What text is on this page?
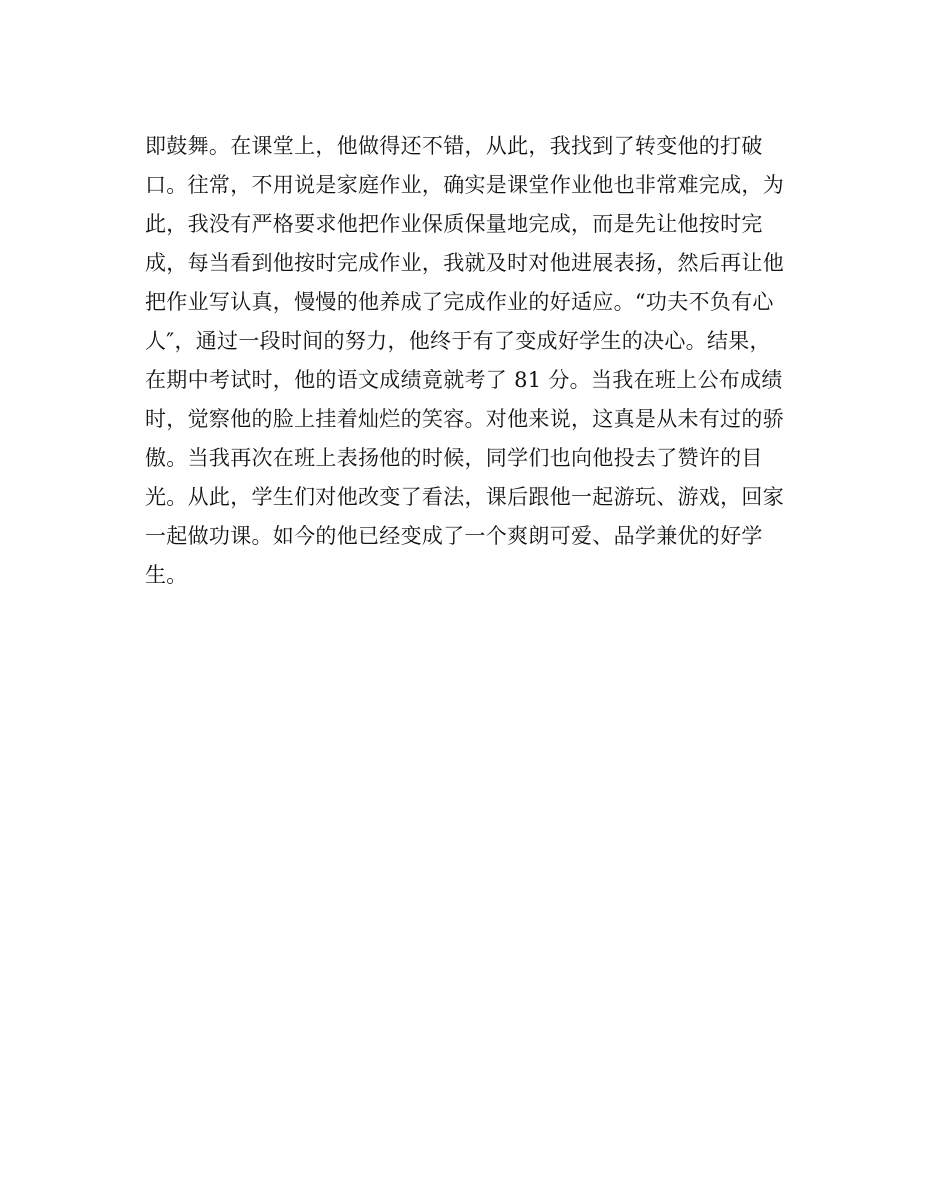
即鼓舞。在课堂上，他做得还不错，从此，我找到了转变他的打破
口。往常，不用说是家庭作业，确实是课堂作业他也非常难完成，为
此，我没有严格要求他把作业保质保量地完成，而是先让他按时完
成，每当看到他按时完成作业，我就及时对他进展表扬，然后再让他
把作业写认真，慢慢的他养成了完成作业的好适应。“功夫不负有心
人″，通过一段时间的努力，他终于有了变成好学生的决心。结果，
在期中考试时，他的语文成绩竟就考了 81 分。当我在班上公布成绩
时，觉察他的脸上挂着灿烂的笑容。对他来说，这真是从未有过的骄
傲。当我再次在班上表扬他的时候，同学们也向他投去了赞许的目
光。从此，学生们对他改变了看法，课后跟他一起游玩、游戏，回家
一起做功课。如今的他已经变成了一个爽朗可爱、品学兼优的好学
生。
